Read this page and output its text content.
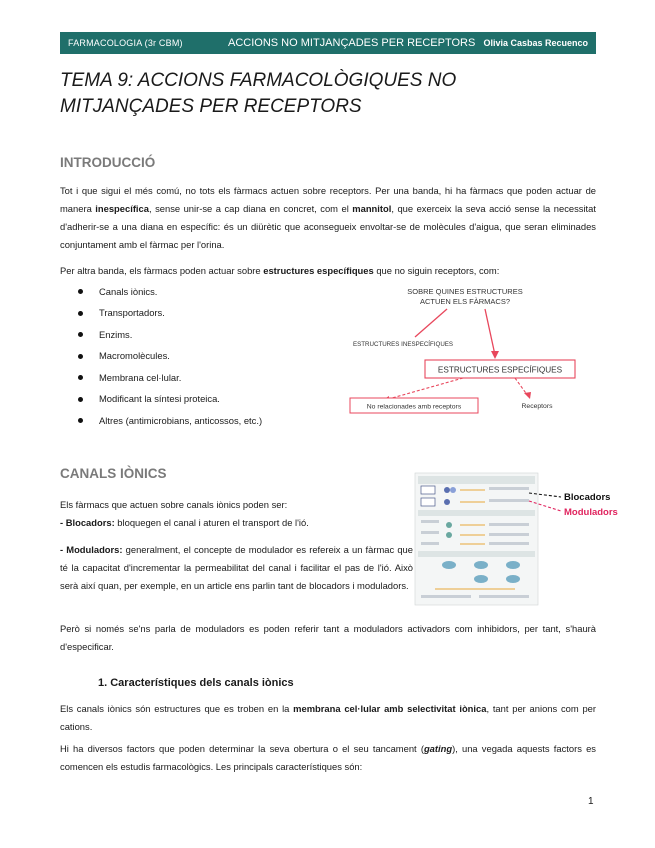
FARMACOLOGIA (3r CBM)	ACCIONS NO MITJANÇADES PER RECEPTORS Olivia Casbas Recuenco
TEMA 9: ACCIONS FARMACOLÒGIQUES NO MITJANÇADES PER RECEPTORS
INTRODUCCIÓ

Tot i que sigui el més comú, no tots els fàrmacs actuen sobre receptors. Per una banda, hi ha fàrmacs que poden actuar de manera inespecífica, sense unir-se a cap diana en concret, com el mannitol, que exerceix la seva acció sense la necessitat d'adherir-se a una diana en específic: és un diürètic que aconsegueix envoltar-se de molècules d'aigua, que seran eliminades conjuntament amb el fàrmac per l'orina.

Per altra banda, els fàrmacs poden actuar sobre estructures específiques que no siguin receptors, com:

Canals iònics.
Transportadors.
Enzims.
Macromolècules.
Membrana cel·lular.
Modificant la síntesi proteica.
Altres (antimicrobians, anticossos, etc.)
SOBRE QUINES ESTRUCTURES
ACTUEN ELS FÀRMACS?
ESTRUCTURES INESPECÍFIQUES
ESTRUCTURES ESPECÍFIQUES
No relacionades amb receptors	Receptors
CANALS IÒNICS

Els fàrmacs que actuen sobre canals iònics poden ser:

- Blocadors: bloquegen el canal i aturen el transport de l'ió.

- Moduladors: generalment, el concepte de modulador es refereix a un fàrmac que té la capacitat d'incrementar la permeabilitat del canal i facilitar el pas de l'ió. Això serà així quan, per exemple, en un article ens parlin tant de blocadors i moduladors.

Blocadors
Moduladors

Però si només se'ns parla de moduladors es poden referir tant a moduladors activadors com inhibidors, per tant, s'haurà d'especificar.

1. Característiques dels canals iònics

Els canals iònics són estructures que es troben en la membrana cel·lular amb selectivitat iònica, tant per anions com per cations.

Hi ha diversos factors que poden determinar la seva obertura o el seu tancament (gating), una vegada aquests factors es comencen els estudis farmacològics. Les principals característiques són:

1
